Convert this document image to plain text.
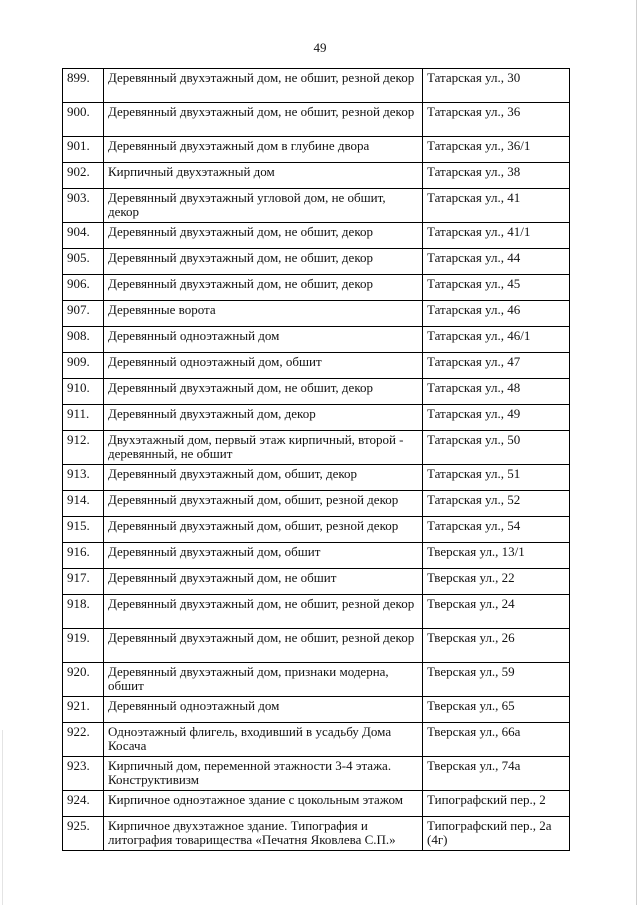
49
899.	Деревянный двухэтажный дом, не обшит, резной декор	Татарская ул., 30
900.	Деревянный двухэтажный дом, не обшит, резной декор	Татарская ул., 36
901.	Деревянный двухэтажный дом в глубине двора	Татарская ул., 36/1
902.	Кирпичный двухэтажный дом	Татарская ул., 38
903.	Деревянный двухэтажный угловой дом, не обшит, декор	Татарская ул., 41
904.	Деревянный двухэтажный дом, не обшит, декор	Татарская ул., 41/1
905.	Деревянный двухэтажный дом, не обшит, декор	Татарская ул., 44
906.	Деревянный двухэтажный дом, не обшит, декор	Татарская ул., 45
907.	Деревянные ворота	Татарская ул., 46
908.	Деревянный одноэтажный дом	Татарская ул., 46/1
909.	Деревянный одноэтажный дом, обшит	Татарская ул., 47
910.	Деревянный двухэтажный дом, не обшит, декор	Татарская ул., 48
911.	Деревянный двухэтажный дом, декор	Татарская ул., 49
912.	Двухэтажный дом, первый этаж кирпичный, второй - деревянный, не обшит	Татарская ул., 50
913.	Деревянный двухэтажный дом, обшит, декор	Татарская ул., 51
914.	Деревянный двухэтажный дом, обшит, резной декор	Татарская ул., 52
915.	Деревянный двухэтажный дом, обшит, резной декор	Татарская ул., 54
916.	Деревянный двухэтажный дом, обшит	Тверская ул., 13/1
917.	Деревянный двухэтажный дом, не обшит	Тверская ул., 22
918.	Деревянный двухэтажный дом, не обшит, резной декор	Тверская ул., 24
919.	Деревянный двухэтажный дом, не обшит, резной декор	Тверская ул., 26
920.	Деревянный двухэтажный дом, признаки модерна, обшит	Тверская ул., 59
921.	Деревянный одноэтажный дом	Тверская ул., 65
922.	Одноэтажный флигель, входивший в усадьбу Дома Косача	Тверская ул., 66а
923.	Кирпичный дом, переменной этажности 3-4 этажа. Конструктивизм	Тверская ул., 74а
924.	Кирпичное одноэтажное здание с цокольным этажом	Типографский пер., 2
925.	Кирпичное двухэтажное здание. Типография и литография товарищества «Печатня Яковлева С.П.»	Типографский пер., 2а (4г)
